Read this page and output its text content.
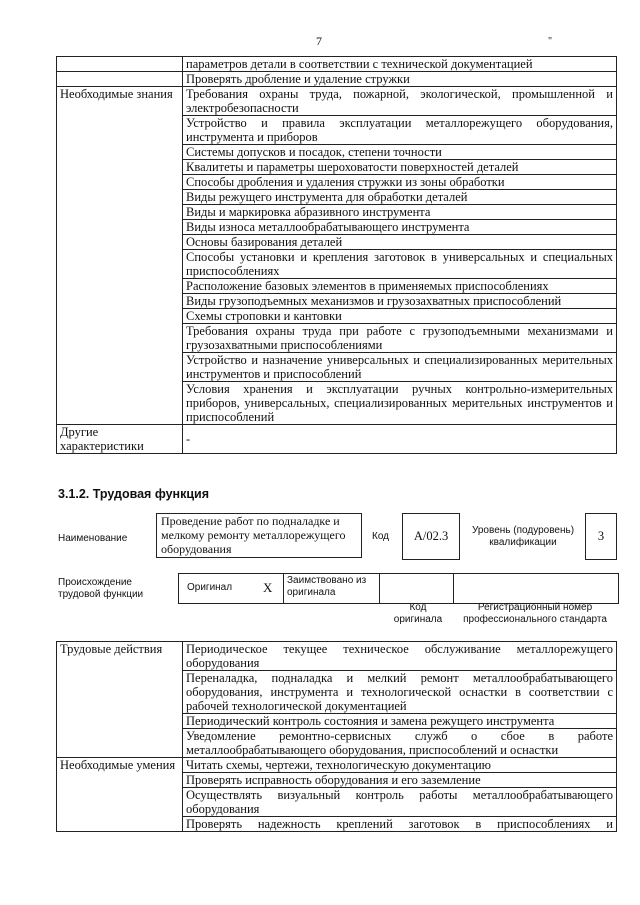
7	"
	параметров детали в соответствии с технической документацией
	Проверять дробление и удаление стружки
Необходимые знания	Требования охраны труда, пожарной, экологической, промышленной и электробезопасности
	Устройство и правила эксплуатации металлорежущего оборудования, инструмента и приборов
	Системы допусков и посадок, степени точности
	Квалитеты и параметры шероховатости поверхностей деталей
	Способы дробления и удаления стружки из зоны обработки
	Виды режущего инструмента для обработки деталей
	Виды и маркировка абразивного инструмента
	Виды износа металлообрабатывающего инструмента
	Основы базирования деталей
	Способы установки и крепления заготовок в универсальных и специальных приспособлениях
	Расположение базовых элементов в применяемых приспособлениях
	Виды грузоподъемных механизмов и грузозахватных приспособлений
	Схемы строповки и кантовки
	Требования охраны труда при работе с грузоподъемными механизмами и грузозахватными приспособлениями
	Устройство и назначение универсальных и специализированных мерительных инструментов и приспособлений
	Условия хранения и эксплуатации ручных контрольно-измерительных приборов, универсальных, специализированных мерительных инструментов и приспособлений
Другие характеристики	-
3.1.2. Трудовая функция
Наименование
Проведение работ по подналадке и мелкому ремонту металлорежущего оборудования
Код	А/02.3	Уровень (подуровень) квалификации	3
Происхождение трудовой функции
Оригинал X Заимствовано из оригинала
Код оригинала
Регистрационный номер профессионального стандарта
Трудовые действия	Периодическое текущее техническое обслуживание металлорежущего оборудования
	Переналадка, подналадка и мелкий ремонт металлообрабатывающего оборудования, инструмента и технологической оснастки в соответствии с рабочей технологической документацией
	Периодический контроль состояния и замена режущего инструмента
	Уведомление ремонтно-сервисных служб о сбое в работе металлообрабатывающего оборудования, приспособлений и оснастки
Необходимые умения	Читать схемы, чертежи, технологическую документацию
	Проверять исправность оборудования и его заземление
	Осуществлять визуальный контроль работы металлообрабатывающего оборудования
	Проверять надежность креплений заготовок в приспособлениях и
